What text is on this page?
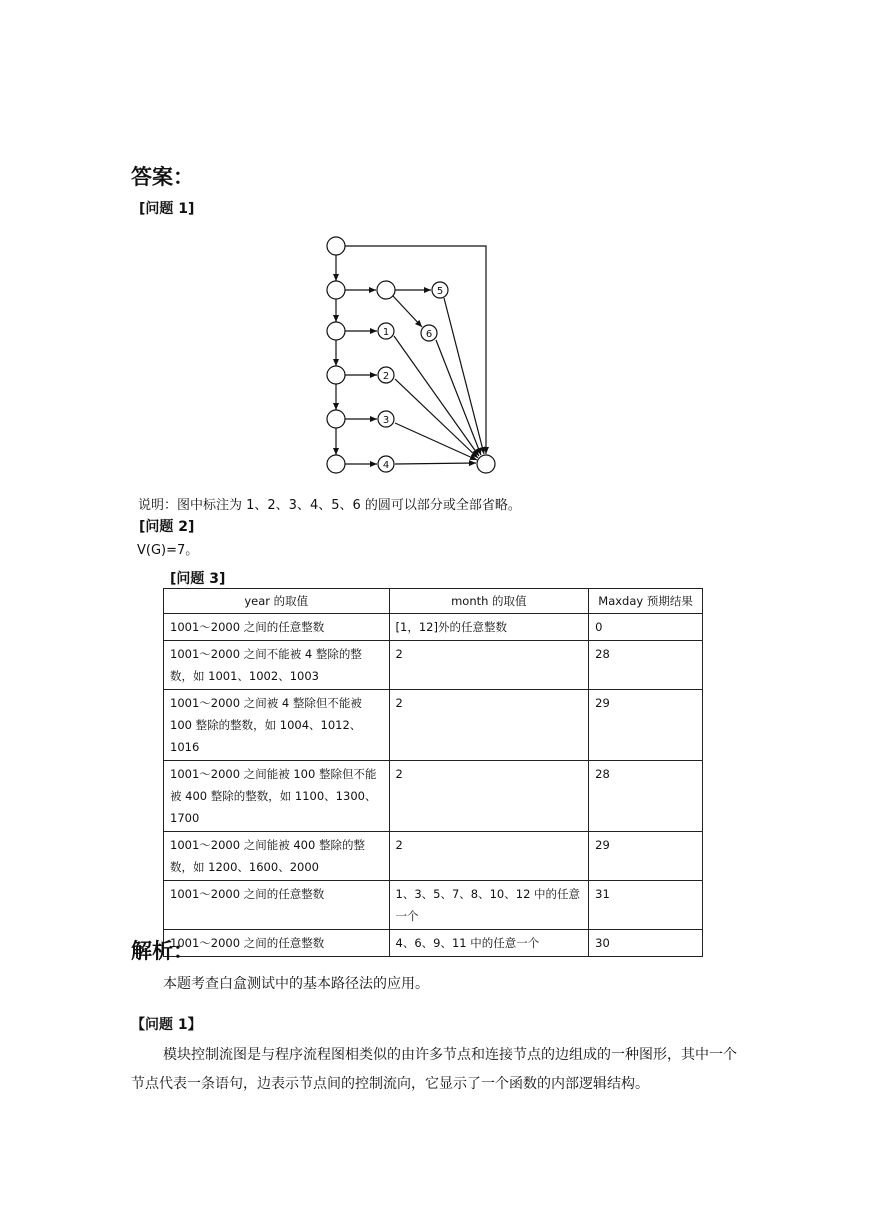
答案：
[问题 1]
5
6
1
2
3
4
说明：图中标注为 1、2、3、4、5、6 的圆可以部分或全部省略。
[问题 2]
V(G)=7。
[问题 3]
year 的取值	month 的取值	Maxday 预期结果
1001～2000 之间的任意整数	[1，12]外的任意整数	0
1001～2000 之间不能被 4 整除的整数，如 1001、1002、1003	2	28
1001～2000 之间被 4 整除但不能被 100 整除的整数，如 1004、1012、1016	2	29
1001～2000 之间能被 100 整除但不能被 400 整除的整数，如 1100、1300、1700	2	28
1001～2000 之间能被 400 整除的整数，如 1200、1600、2000	2	29
1001～2000 之间的任意整数	1、3、5、7、8、10、12 中的任意一个	31
1001～2000 之间的任意整数	4、6、9、11 中的任意一个	30
解析：
本题考查白盒测试中的基本路径法的应用。
【问题 1】
模块控制流图是与程序流程图相类似的由许多节点和连接节点的边组成的一种图形，其中一个节点代表一条语句，边表示节点间的控制流向，它显示了一个函数的内部逻辑结构。
